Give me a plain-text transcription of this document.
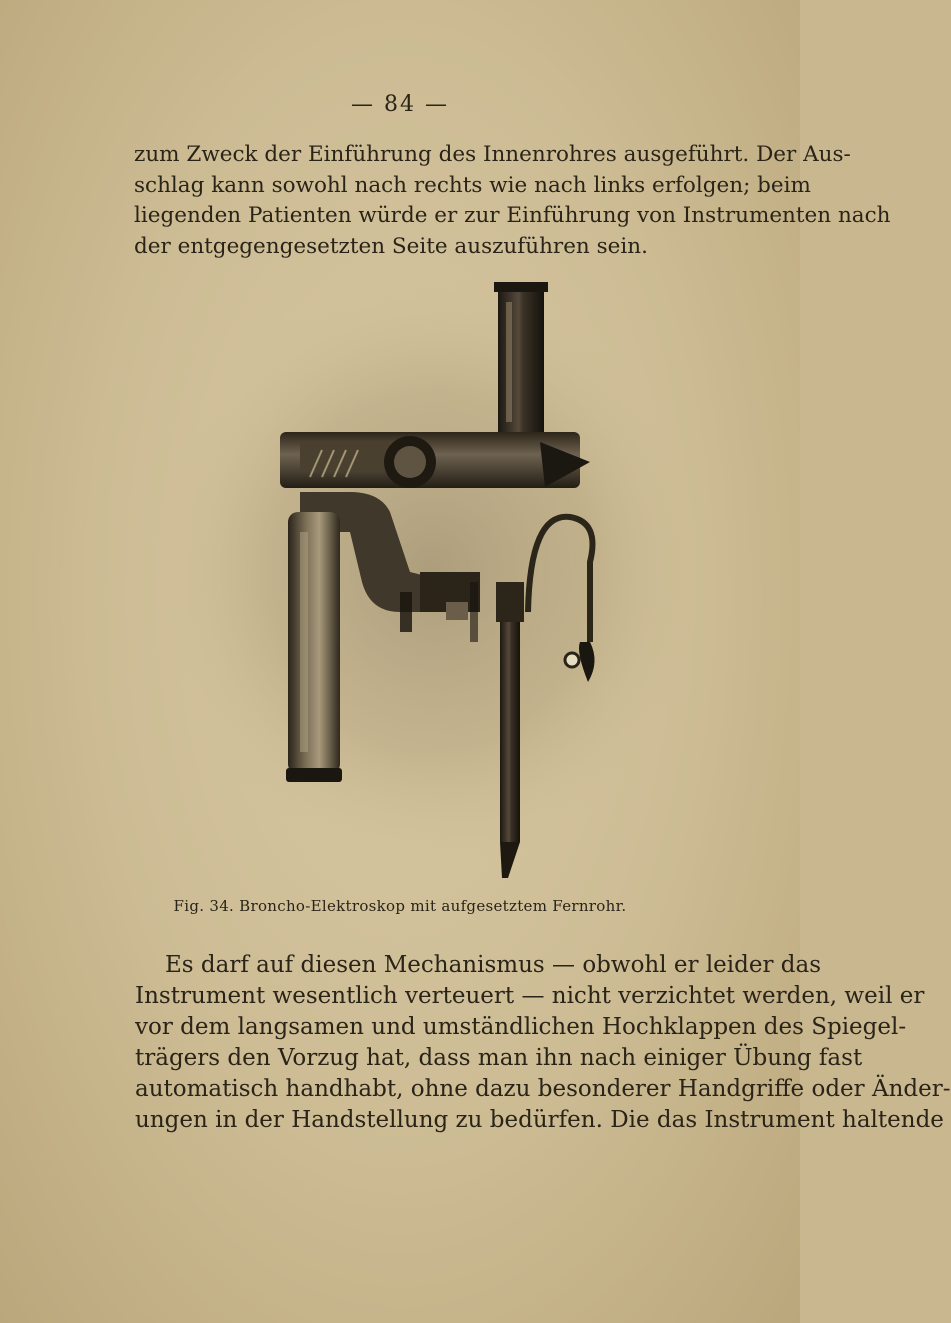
— 84 —
zum Zweck der Einführung des Innenrohres ausgeführt. Der Aus-
schlag kann sowohl nach rechts wie nach links erfolgen; beim
liegenden Patienten würde er zur Einführung von Instrumenten nach
der entgegengesetzten Seite auszuführen sein.
Fig. 34. Broncho-Elektroskop mit aufgesetztem Fernrohr.
Es darf auf diesen Mechanismus — obwohl er leider das
Instrument wesentlich verteuert — nicht verzichtet werden, weil er
vor dem langsamen und umständlichen Hochklappen des Spiegel-
trägers den Vorzug hat, dass man ihn nach einiger Übung fast
automatisch handhabt, ohne dazu besonderer Handgriffe oder Änder-
ungen in der Handstellung zu bedürfen. Die das Instrument haltende
